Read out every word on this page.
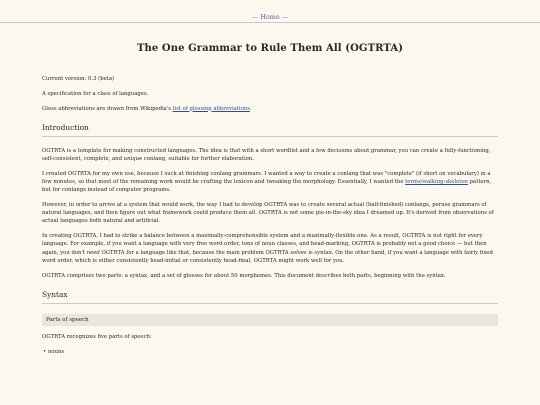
— Home —
The One Grammar to Rule Them All (OGTRTA)

Current version: 0.3 (beta)

A specification for a class of languages.

Gloss abbreviations are drawn from Wikipedia's list of glossing abbreviations.

Introduction

OGTRTA is a template for making constructed languages. The idea is that with a short wordlist and a few decisions about grammar, you can create a fully-functioning, self-consistent, complete, and unique conlang, suitable for further elaboration.

I created OGTRTA for my own use, because I suck at finishing conlang grammars. I wanted a way to create a conlang that was "complete" (if short on vocabulary) in a few minutes, so that most of the remaining work would be crafting the lexicon and tweaking the morphology. Essentially, I wanted the terms/walking-skeleton pattern, but for conlangs instead of computer programs.

However, in order to arrive at a system that would work, the way I had to develop OGTRTA was to create several actual (half-finished) conlangs, peruse grammars of natural languages, and then figure out what framework could produce them all. OGTRTA is not some pie-in-the-sky idea I dreamed up. It's derived from observations of actual languages both natural and artificial.

In creating OGTRTA, I had to strike a balance between a maximally-comprehensible system and a maximally-flexible one. As a result, OGTRTA is not right for every language. For example, if you want a language with very free word order, tons of noun classes, and head-marking, OGTRTA is probably not a good choice — but then again, you don't need OGTRTA for a language like that, because the main problem OGTRTA solves is syntax. On the other hand, if you want a language with fairly fixed word order, which is either consistently head-initial or consistently head-final, OGTRTA might work well for you.

OGTRTA comprises two parts: a syntax, and a set of glosses for about 50 morphemes. This document describes both parts, beginning with the syntax.

Syntax
Parts of speech

OGTRTA recognizes five parts of speech:

• nouns
